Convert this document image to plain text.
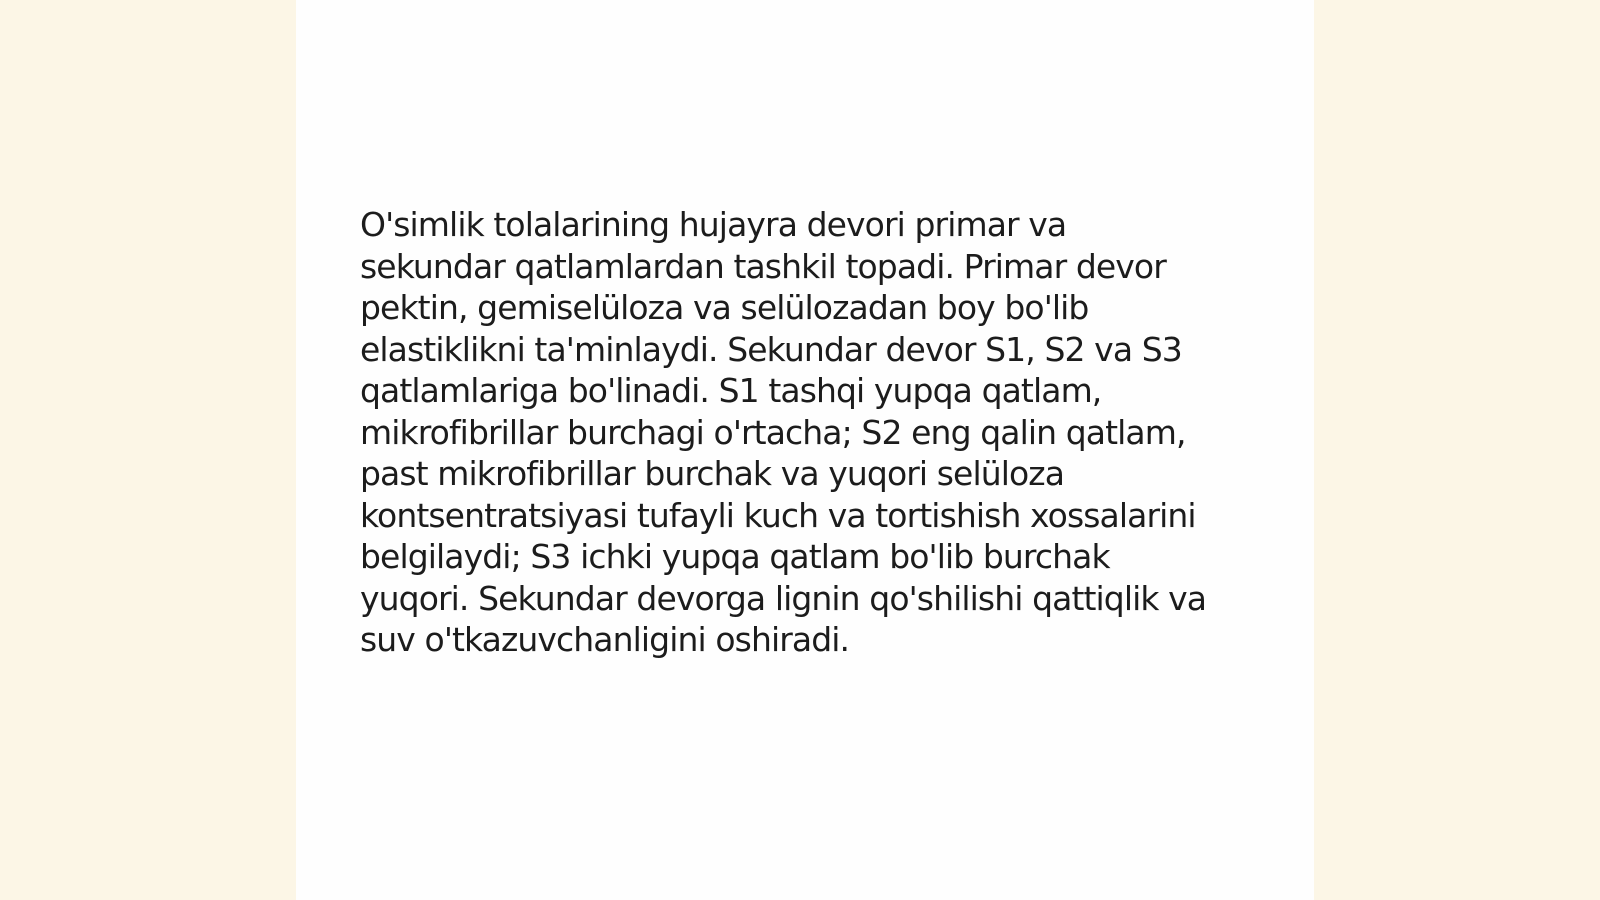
O'simlik tolalarining hujayra devori primar va
sekundar qatlamlardan tashkil topadi. Primar devor
pektin, gemiselüloza va selülozadan boy bo'lib
elastiklikni ta'minlaydi. Sekundar devor S1, S2 va S3
qatlamlariga bo'linadi. S1 tashqi yupqa qatlam,
mikrofibrillar burchagi o'rtacha; S2 eng qalin qatlam,
past mikrofibrillar burchak va yuqori selüloza
kontsentratsiyasi tufayli kuch va tortishish xossalarini
belgilaydi; S3 ichki yupqa qatlam bo'lib burchak
yuqori. Sekundar devorga lignin qo'shilishi qattiqlik va
suv o'tkazuvchanligini oshiradi.
